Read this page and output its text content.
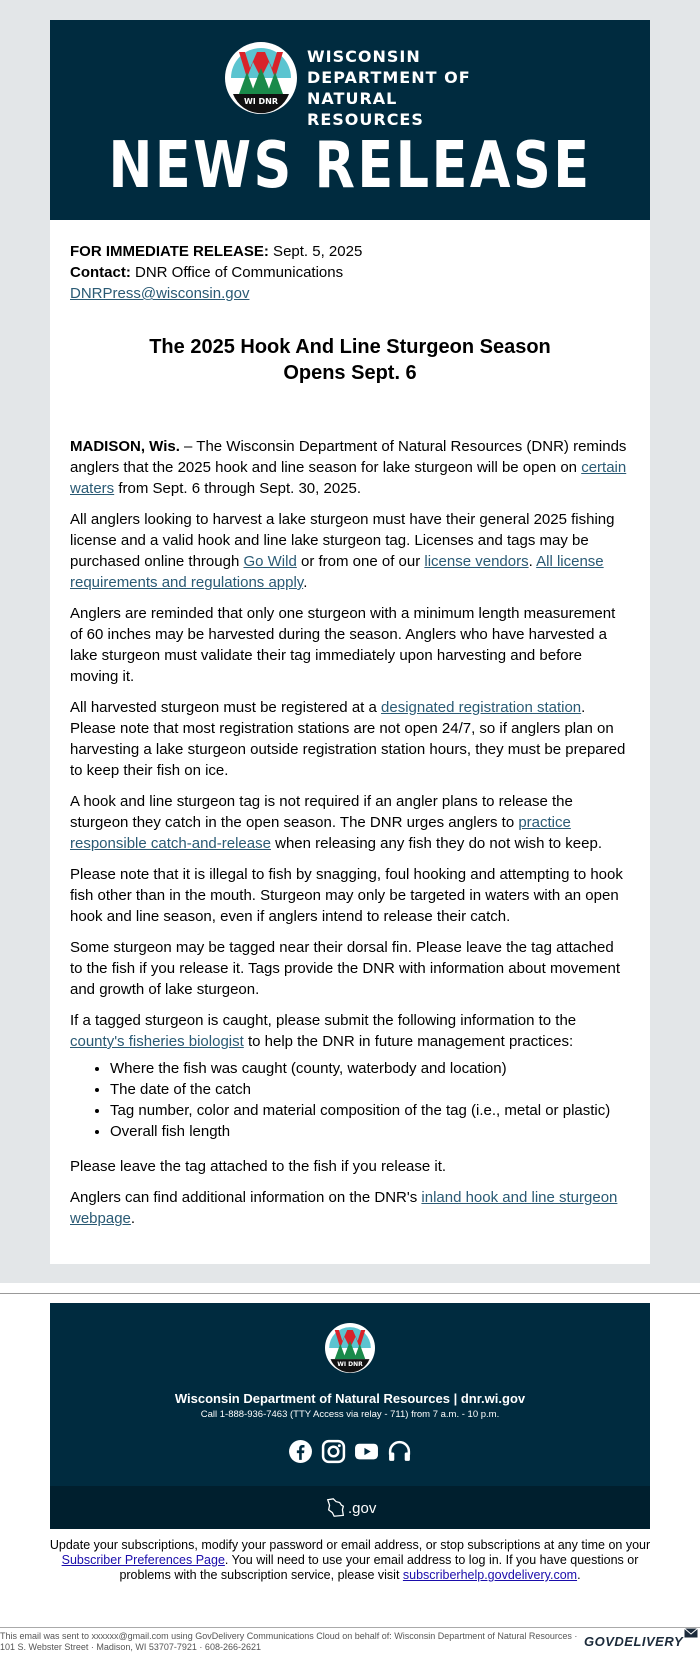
WI DNR
WISCONSIN
DEPARTMENT OF
NATURAL RESOURCES
NEWS RELEASE
FOR IMMEDIATE RELEASE: Sept. 5, 2025
Contact: DNR Office of Communications
DNRPress@wisconsin.gov
The 2025 Hook And Line Sturgeon Season
Opens Sept. 6

MADISON, Wis. – The Wisconsin Department of Natural Resources (DNR) reminds anglers that the 2025 hook and line season for lake sturgeon will be open on certain waters from Sept. 6 through Sept. 30, 2025.

All anglers looking to harvest a lake sturgeon must have their general 2025 fishing license and a valid hook and line lake sturgeon tag. Licenses and tags may be purchased online through Go Wild or from one of our license vendors. All license requirements and regulations apply.

Anglers are reminded that only one sturgeon with a minimum length measurement of 60 inches may be harvested during the season. Anglers who have harvested a lake sturgeon must validate their tag immediately upon harvesting and before moving it.

All harvested sturgeon must be registered at a designated registration station. Please note that most registration stations are not open 24/7, so if anglers plan on harvesting a lake sturgeon outside registration station hours, they must be prepared to keep their fish on ice.

A hook and line sturgeon tag is not required if an angler plans to release the sturgeon they catch in the open season. The DNR urges anglers to practice responsible catch-and-release when releasing any fish they do not wish to keep.

Please note that it is illegal to fish by snagging, foul hooking and attempting to hook fish other than in the mouth. Sturgeon may only be targeted in waters with an open hook and line season, even if anglers intend to release their catch.

Some sturgeon may be tagged near their dorsal fin. Please leave the tag attached to the fish if you release it. Tags provide the DNR with information about movement and growth of lake sturgeon.

If a tagged sturgeon is caught, please submit the following information to the county's fisheries biologist to help the DNR in future management practices:

• Where the fish was caught (county, waterbody and location)
• The date of the catch
• Tag number, color and material composition of the tag (i.e., metal or plastic)
• Overall fish length

Please leave the tag attached to the fish if you release it.

Anglers can find additional information on the DNR's inland hook and line sturgeon webpage.

WI DNR
Wisconsin Department of Natural Resources | dnr.wi.gov
Call 1-888-936-7463 (TTY Access via relay - 711) from 7 a.m. - 10 p.m.
.gov
Update your subscriptions, modify your password or email address, or stop subscriptions at any time on your Subscriber Preferences Page. You will need to use your email address to log in. If you have questions or problems with the subscription service, please visit subscriberhelp.govdelivery.com.
This email was sent to xxxxxx@gmail.com using GovDelivery Communications Cloud on behalf of: Wisconsin Department of Natural Resources · 101 S. Webster Street · Madison, WI 53707-7921 · 608-266-2621	GOVDELIVERY
